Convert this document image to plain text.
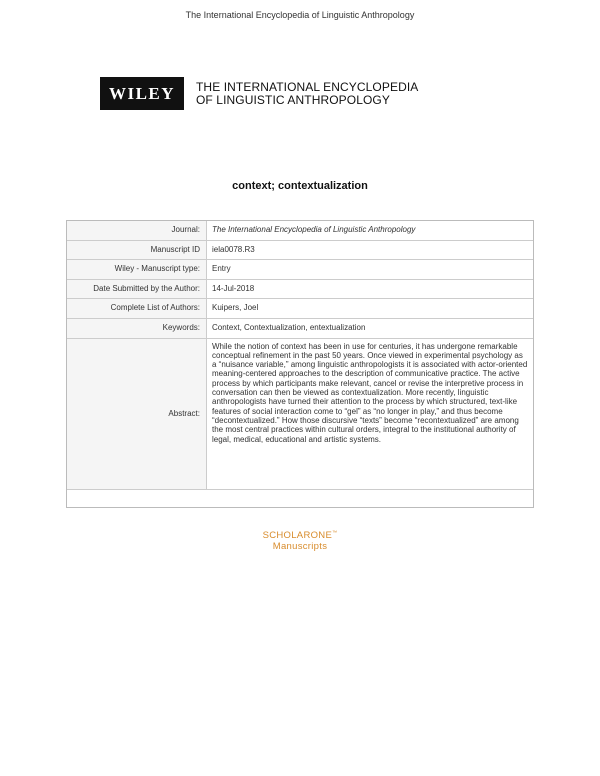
The International Encyclopedia of Linguistic Anthropology
WILEY	THE INTERNATIONAL ENCYCLOPEDIA
OF LINGUISTIC ANTHROPOLOGY
context; contextualization
Journal:	The International Encyclopedia of Linguistic Anthropology
Manuscript ID	iela0078.R3
Wiley - Manuscript type:	Entry
Date Submitted by the Author:	14-Jul-2018
Complete List of Authors:	Kuipers, Joel
Keywords:	Context, Contextualization, entextualization
Abstract:
While the notion of context has been in use for centuries, it has undergone remarkable conceptual refinement in the past 50 years. Once viewed in experimental psychology as a “nuisance variable,” among linguistic anthropologists it is associated with actor-oriented meaning-centered approaches to the description of communicative practice. The active process by which participants make relevant, cancel or revise the interpretive process in conversation can then be viewed as contextualization. More recently, linguistic anthropologists have turned their attention to the process by which structured, text-like features of social interaction come to “gel” as “no longer in play,” and thus become “decontextualized.” How those discursive “texts” become “recontextualized” are among the most central practices within cultural orders, integral to the institutional authority of legal, medical, educational and artistic systems.
SCHOLARONE™
Manuscripts
